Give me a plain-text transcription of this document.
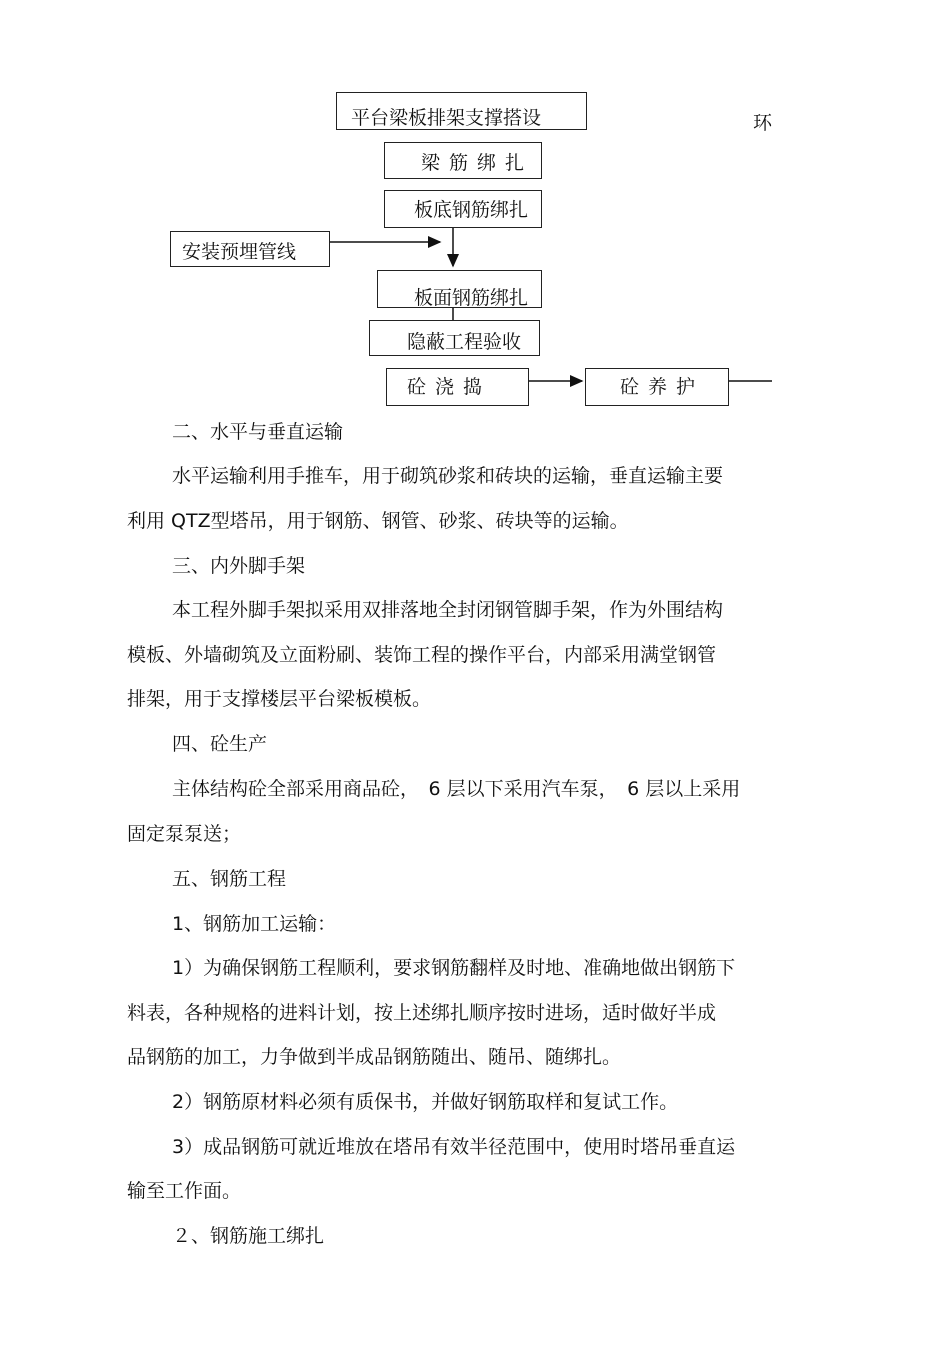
平台梁板排架支撑搭设	环
梁筋绑扎
板底钢筋绑扎
安装预埋管线
板面钢筋绑扎
隐蔽工程验收
砼浇捣	砼养护
二、水平与垂直运输
水平运输利用手推车，用于砌筑砂浆和砖块的运输，垂直运输主要
利用 QTZ型塔吊，用于钢筋、钢管、砂浆、砖块等的运输。
三、内外脚手架
本工程外脚手架拟采用双排落地全封闭钢管脚手架，作为外围结构
模板、外墙砌筑及立面粉刷、装饰工程的操作平台，内部采用满堂钢管
排架，用于支撑楼层平台梁板模板。
四、砼生产
主体结构砼全部采用商品砼，　6 层以下采用汽车泵，　6 层以上采用
固定泵泵送；
五、钢筋工程
1、钢筋加工运输：
1）为确保钢筋工程顺利，要求钢筋翻样及时地、准确地做出钢筋下
料表，各种规格的进料计划，按上述绑扎顺序按时进场，适时做好半成
品钢筋的加工，力争做到半成品钢筋随出、随吊、随绑扎。
2）钢筋原材料必须有质保书，并做好钢筋取样和复试工作。
3）成品钢筋可就近堆放在塔吊有效半径范围中，使用时塔吊垂直运
输至工作面。
２、钢筋施工绑扎
